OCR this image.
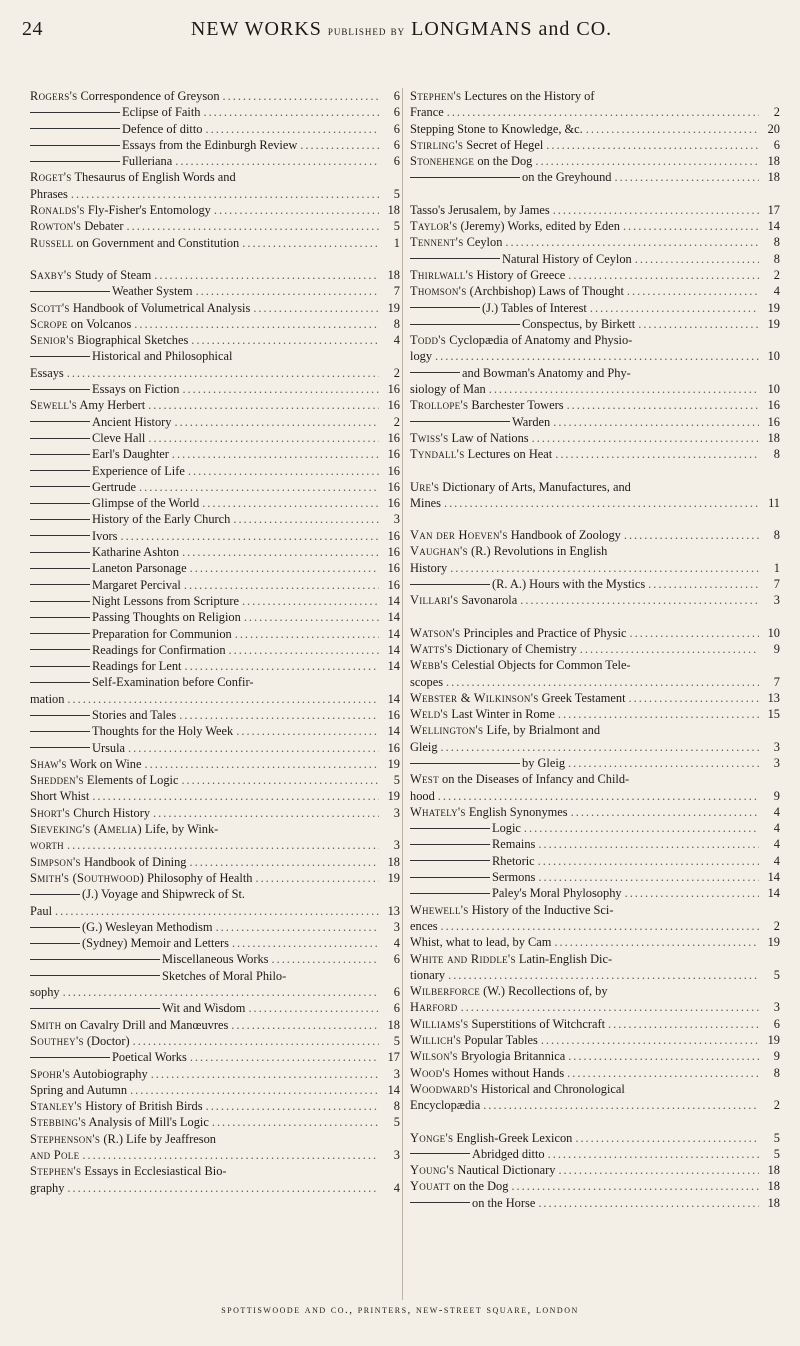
24	NEW WORKS published by LONGMANS and CO.
Rogers's Correspondence of Greyson .....	6
Eclipse of Faith .....	6
Defence of ditto .....	6
Essays from the Edinburgh Review .....	6
Fulleriana .....	6
Roget's Thesaurus of English Words and
Phrases .....	5
Ronalds's Fly-Fisher's Entomology .....	18
Rowton's Debater .....	5
Russell on Government and Constitution .....	1
Saxby's Study of Steam .....	18
Weather System .....	7
Scott's Handbook of Volumetrical Analysis .....	19
Scrope on Volcanos .....	8
Senior's Biographical Sketches .....	4
Historical and Philosophical
Essays .....	2
Essays on Fiction .....	16
Sewell's Amy Herbert .....	16
Ancient History .....	2
Cleve Hall .....	16
Earl's Daughter .....	16
Experience of Life .....	16
Gertrude .....	16
Glimpse of the World .....	16
History of the Early Church .....	3
Ivors .....	16
Katharine Ashton .....	16
Laneton Parsonage .....	16
Margaret Percival .....	16
Night Lessons from Scripture .....	14
Passing Thoughts on Religion .....	14
Preparation for Communion .....	14
Readings for Confirmation .....	14
Readings for Lent .....	14
Self-Examination before Confir-
mation .....	14
Stories and Tales .....	16
Thoughts for the Holy Week .....	14
Ursula .....	16
Shaw's Work on Wine .....	19
Shedden's Elements of Logic .....	5
Short Whist .....	19
Short's Church History .....	3
Sieveking's (Amelia) Life, by Wink-
worth .....	3
Simpson's Handbook of Dining .....	18
Smith's (Southwood) Philosophy of Health .....	19
(J.) Voyage and Shipwreck of St.
Paul .....	13
(G.) Wesleyan Methodism .....	3
(Sydney) Memoir and Letters .....	4
Miscellaneous Works .....	6
Sketches of Moral Philo-
sophy .....	6
Wit and Wisdom .....	6
Smith on Cavalry Drill and Manœuvres .....	18
Southey's (Doctor) .....	5
Poetical Works .....	17
Spohr's Autobiography .....	3
Spring and Autumn .....	14
Stanley's History of British Birds .....	8
Stebbing's Analysis of Mill's Logic .....	5
Stephenson's (R.) Life by Jeaffreson
and Pole .....	3
Stephen's Essays in Ecclesiastical Bio-
graphy .....	4
Stephen's Lectures on the History of
France .....	2
Stepping Stone to Knowledge, &c. .....	20
Stirling's Secret of Hegel .....	6
Stonehenge on the Dog .....	18
on the Greyhound .....	18
Tasso's Jerusalem, by James .....	17
Taylor's (Jeremy) Works, edited by Eden .....	14
Tennent's Ceylon .....	8
Natural History of Ceylon .....	8
Thirlwall's History of Greece .....	2
Thomson's (Archbishop) Laws of Thought .....	4
(J.) Tables of Interest .....	19
Conspectus, by Birkett .....	19
Todd's Cyclopædia of Anatomy and Physio-
logy .....	10
and Bowman's Anatomy and Phy-
siology of Man .....	10
Trollope's Barchester Towers .....	16
Warden .....	16
Twiss's Law of Nations .....	18
Tyndall's Lectures on Heat .....	8
Ure's Dictionary of Arts, Manufactures, and
Mines .....	11
Van der Hoeven's Handbook of Zoology .....	8
Vaughan's (R.) Revolutions in English
History .....	1
(R. A.) Hours with the Mystics .....	7
Villari's Savonarola .....	3
Watson's Principles and Practice of Physic .....	10
Watts's Dictionary of Chemistry .....	9
Webb's Celestial Objects for Common Tele-
scopes .....	7
Webster & Wilkinson's Greek Testament .....	13
Weld's Last Winter in Rome .....	15
Wellington's Life, by Brialmont and
Gleig .....	3
by Gleig .....	3
West on the Diseases of Infancy and Child-
hood .....	9
Whately's English Synonymes .....	4
Logic .....	4
Remains .....	4
Rhetoric .....	4
Sermons .....	14
Paley's Moral Phylosophy .....	14
Whewell's History of the Inductive Sci-
ences .....	2
Whist, what to lead, by Cam .....	19
White and Riddle's Latin-English Dic-
tionary .....	5
Wilberforce (W.) Recollections of, by
Harford .....	3
Williams's Superstitions of Witchcraft .....	6
Willich's Popular Tables .....	19
Wilson's Bryologia Britannica .....	9
Wood's Homes without Hands .....	8
Woodward's Historical and Chronological
Encyclopædia .....	2
Yonge's English-Greek Lexicon .....	5
Abridged ditto .....	5
Young's Nautical Dictionary .....	18
Youatt on the Dog .....	18
on the Horse .....	18
spottiswoode and co., printers, new-street square, london
